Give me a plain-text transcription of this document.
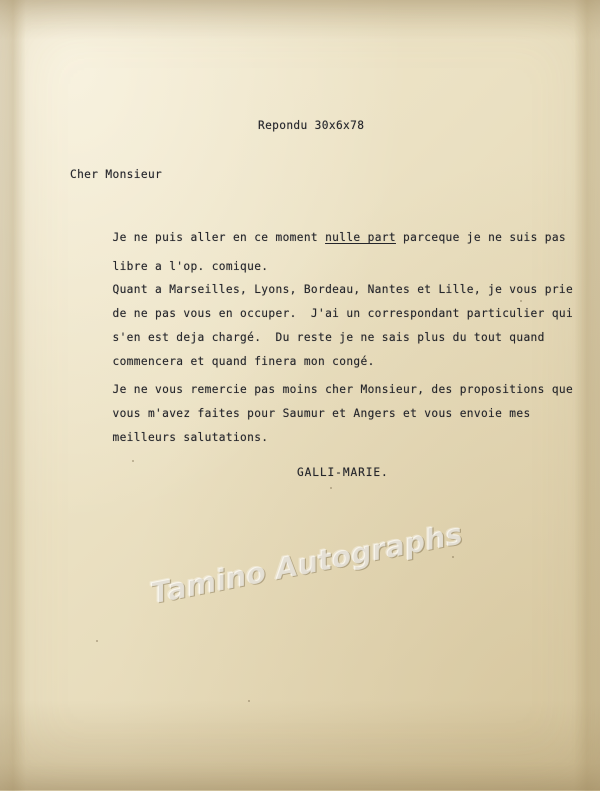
Repondu 30x6x78
Cher Monsieur

Je ne puis aller en ce moment nulle part parceque je ne suis pas

libre a l'op. comique.

Quant a Marseilles, Lyons, Bordeau, Nantes et Lille, je vous prie

de ne pas vous en occuper.  J'ai un correspondant particulier qui

s'en est deja chargé.  Du reste je ne sais plus du tout quand

commencera et quand finera mon congé.

Je ne vous remercie pas moins cher Monsieur, des propositions que

vous m'avez faites pour Saumur et Angers et vous envoie mes

meilleurs salutations.

GALLI-MARIE.
Tamino Autographs
